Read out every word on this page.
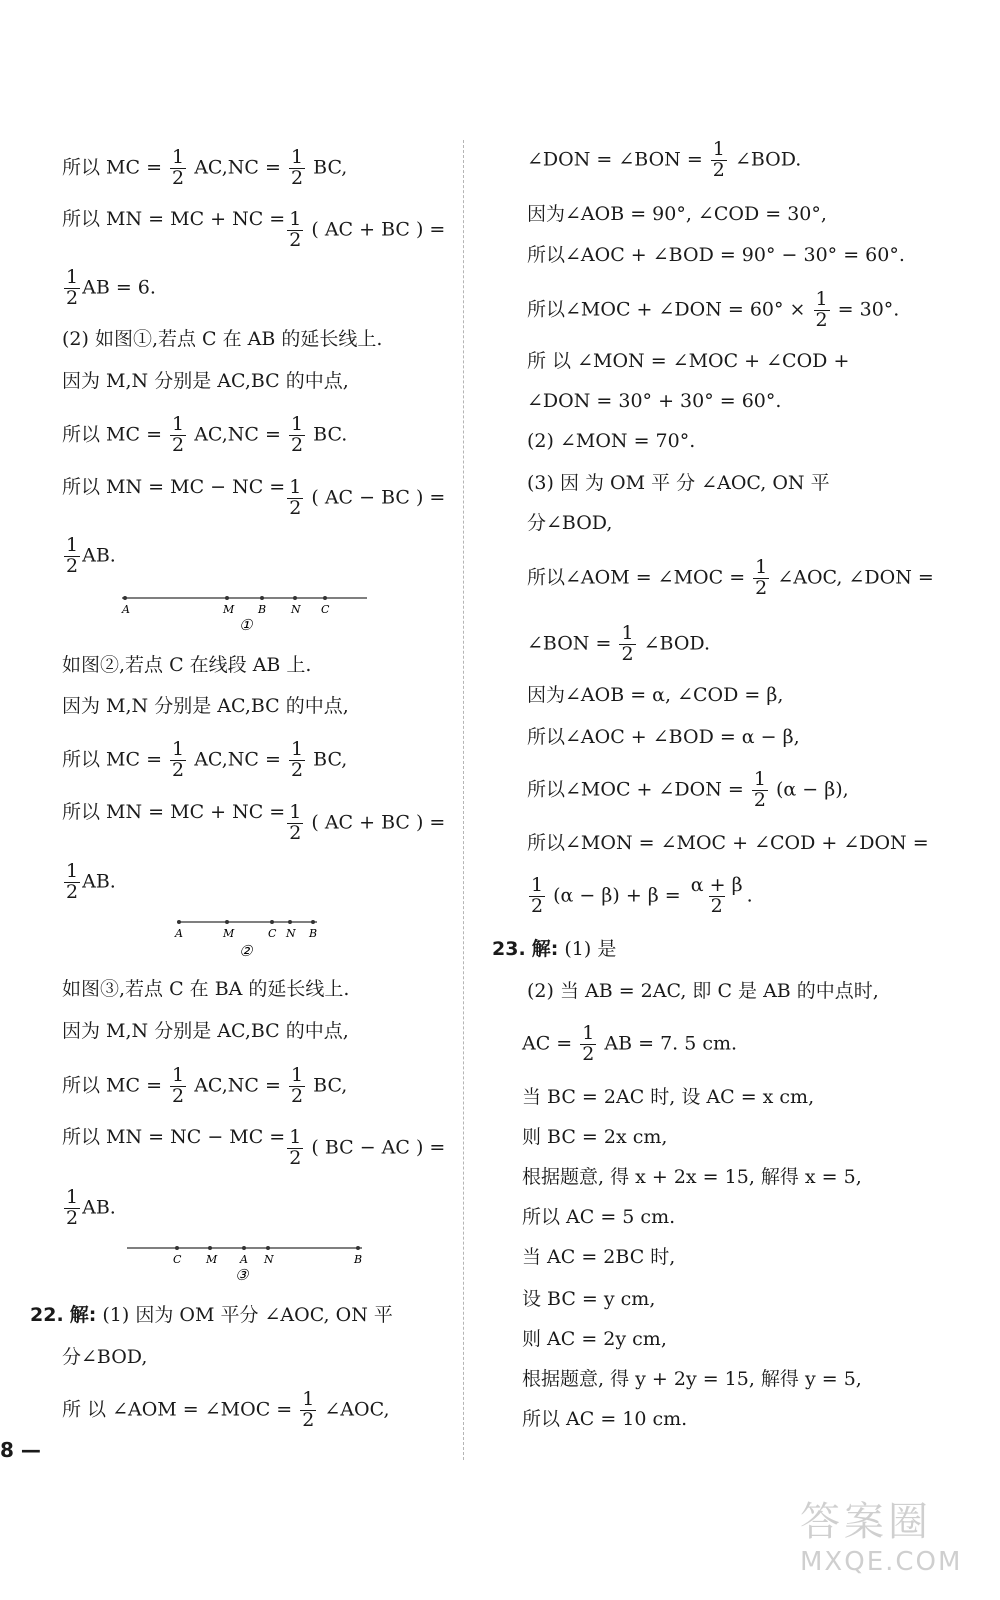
所以 MC = $\frac{1}{2} AC,NC = \frac{1}{2}$ BC,
所以 MN = MC + NC = $\frac{1}{2}$ ( AC + BC ) =
$\frac{1}{2}$ AB = 6.
(2) 如图①,若点 C 在 AB 的延长线上.
因为 M,N 分别是 AC,BC 的中点,
所以 MC = $\frac{1}{2} AC,NC = \frac{1}{2}$ BC.
所以 MN = MC − NC = $\frac{1}{2}$ ( AC − BC ) =
$\frac{1}{2}$ AB.
A	M B N C
①
如图②,若点 C 在线段 AB 上.
因为 M,N 分别是 AC,BC 的中点,
所以 MC = $\frac{1}{2} AC,NC = \frac{1}{2}$ BC,
所以 MN = MC + NC = $\frac{1}{2}$ ( AC + BC ) =
$\frac{1}{2}$ AB.
A	M	C N B
②
如图③,若点 C 在 BA 的延长线上.
因为 M,N 分别是 AC,BC 的中点,
所以 MC = $\frac{1}{2} AC,NC = \frac{1}{2}$ BC,
所以 MN = NC − MC = $\frac{1}{2}$ ( BC − AC ) =
$\frac{1}{2}$ AB.
C M A N	B
③
22. 解: (1) 因为 OM 平分 ∠AOC, ON 平
分∠BOD,
所 以 ∠AOM = ∠MOC = $\frac{1}{2}$ ∠AOC,
∠DON = ∠BON = $\frac{1}{2}$ ∠BOD.
因为∠AOB = 90°, ∠COD = 30°,
所以∠AOC + ∠BOD = 90° − 30° = 60°.
所以∠MOC + ∠DON = $60^\circ \times \frac{1}{2} = 30^\circ$.
所 以 ∠MON = ∠MOC + ∠COD +
∠DON = 30° + 30° = 60°.
(2) ∠MON = 70°.
(3) 因 为 OM 平 分 ∠AOC, ON 平
分∠BOD,
所以∠AOM = ∠MOC = $\frac{1}{2}$ ∠AOC, ∠DON =
∠BON = $\frac{1}{2}$ ∠BOD.
因为∠AOB = α, ∠COD = β,
所以∠AOC + ∠BOD = α − β,
所以∠MOC + ∠DON = $\frac{1}{2} (\alpha - \beta)$,
所以∠MON = ∠MOC + ∠COD + ∠DON =
$\frac{1}{2} (\alpha - \beta) + \beta = \frac{\alpha + \beta}{2}$ .
23. 解: (1) 是
(2) 当 AB = 2AC, 即 C 是 AB 的中点时,
AC = $\frac{1}{2}$ AB = 7. 5 cm.
当 BC = 2AC 时, 设 AC = x cm,
则 BC = 2x cm,
根据题意, 得 x + 2x = 15, 解得 x = 5,
所以 AC = 5 cm.
当 AC = 2BC 时,
设 BC = y cm,
则 AC = 2y cm,
根据题意, 得 y + 2y = 15, 解得 y = 5,
所以 AC = 10 cm.
8 —
答案圈
MXQE.COM
